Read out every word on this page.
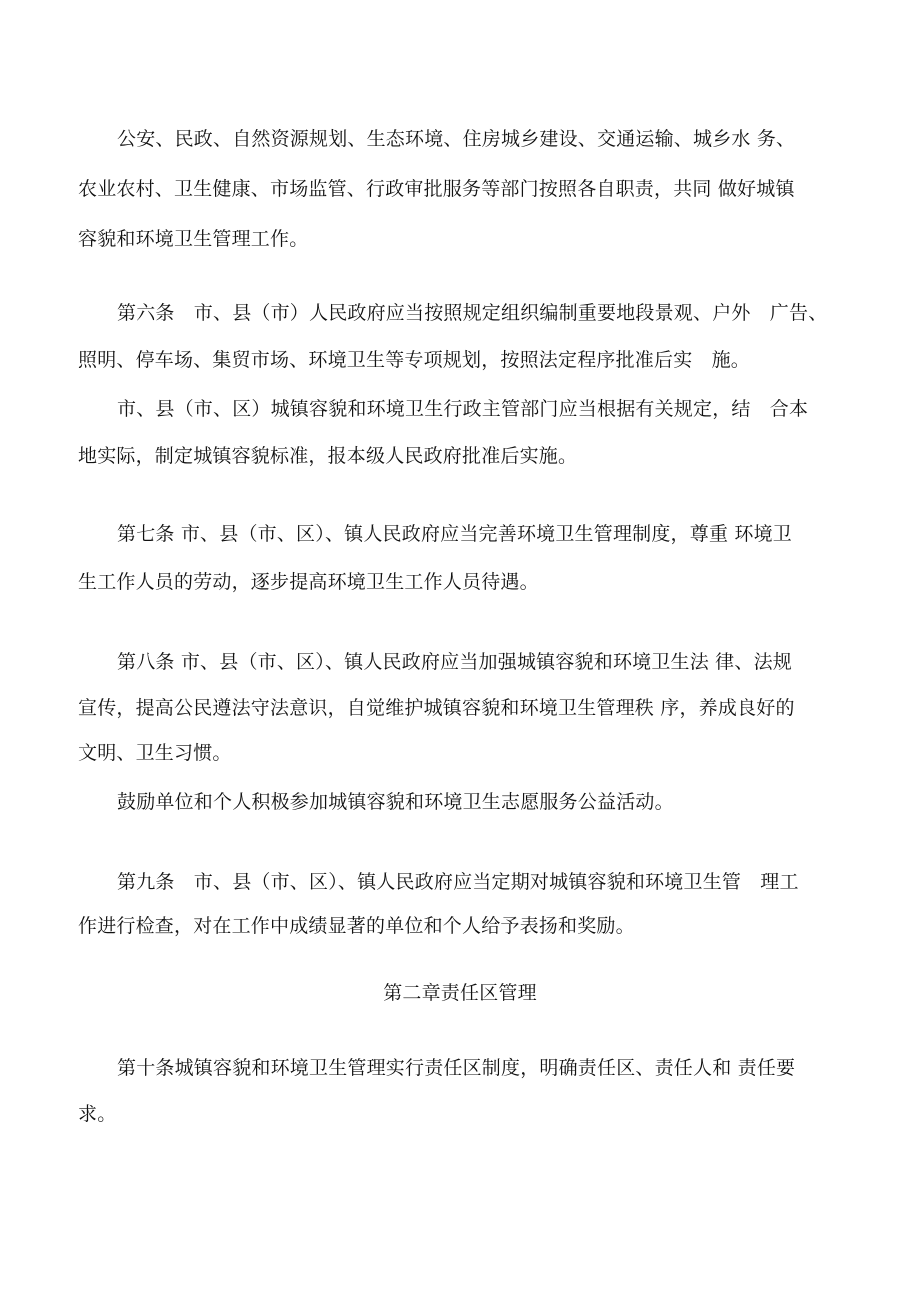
公安、民政、自然资源规划、生态环境、住房城乡建设、交通运输、城乡水 务、

农业农村、卫生健康、市场监管、行政审批服务等部门按照各自职责，共同 做好城镇

容貌和环境卫生管理工作。

第六条　市、县（市）人民政府应当按照规定组织编制重要地段景观、户外　广告、

照明、停车场、集贸市场、环境卫生等专项规划，按照法定程序批准后实　施。

市、县（市、区）城镇容貌和环境卫生行政主管部门应当根据有关规定，结　合本

地实际，制定城镇容貌标准，报本级人民政府批准后实施。

第七条 市、县（市、区）、镇人民政府应当完善环境卫生管理制度，尊重 环境卫

生工作人员的劳动，逐步提高环境卫生工作人员待遇。

第八条 市、县（市、区）、镇人民政府应当加强城镇容貌和环境卫生法 律、法规

宣传，提高公民遵法守法意识，自觉维护城镇容貌和环境卫生管理秩 序，养成良好的

文明、卫生习惯。

鼓励单位和个人积极参加城镇容貌和环境卫生志愿服务公益活动。

第九条　市、县（市、区）、镇人民政府应当定期对城镇容貌和环境卫生管　理工

作进行检查，对在工作中成绩显著的单位和个人给予表扬和奖励。

第二章责任区管理

第十条城镇容貌和环境卫生管理实行责任区制度，明确责任区、责任人和 责任要

求。
